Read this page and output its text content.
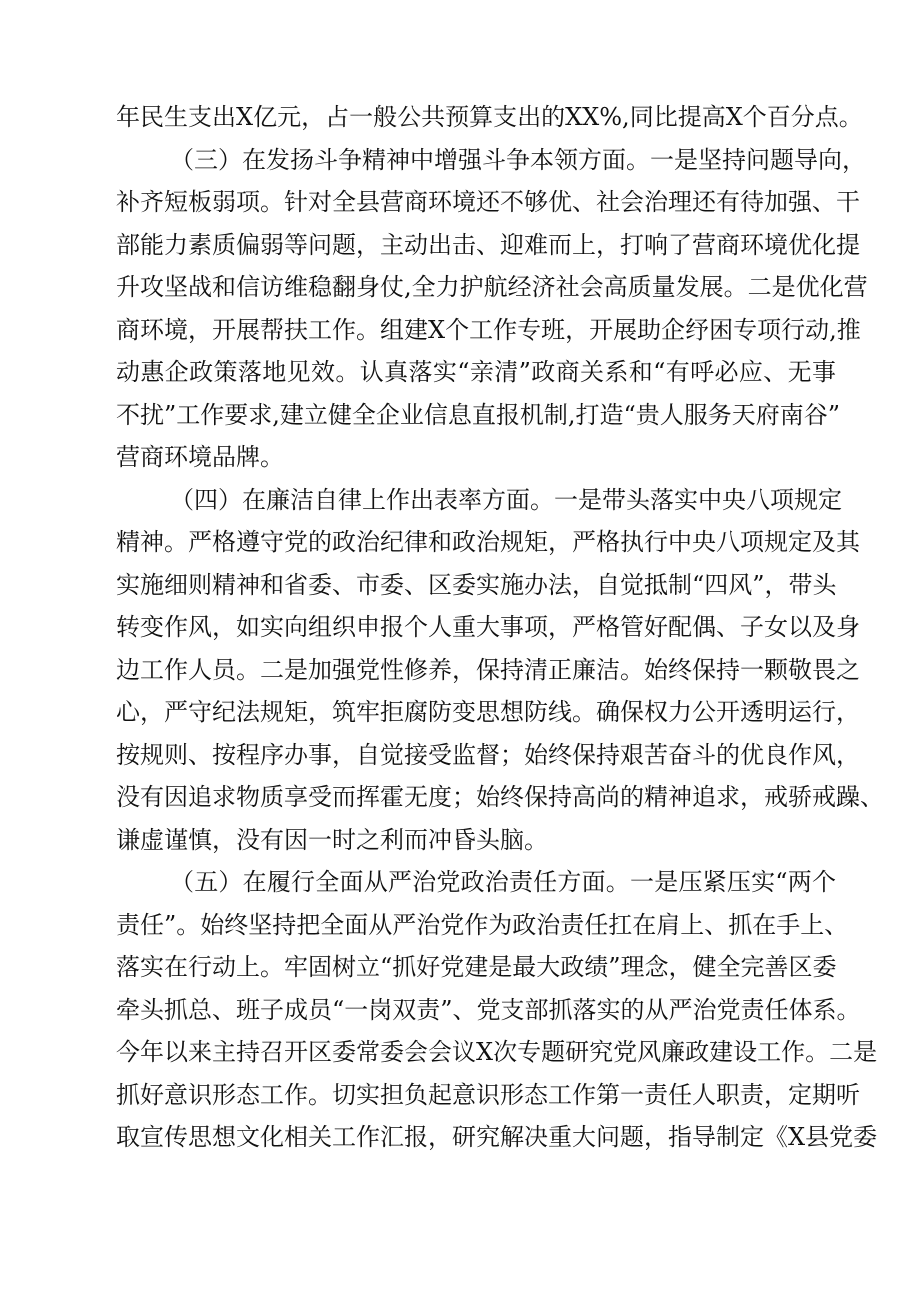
年民生支出X亿元，占一般公共预算支出的XX%,同比提高X个百分点。
（三）在发扬斗争精神中增强斗争本领方面。一是坚持问题导向，
补齐短板弱项。针对全县营商环境还不够优、社会治理还有待加强、干
部能力素质偏弱等问题，主动出击、迎难而上，打响了营商环境优化提
升攻坚战和信访维稳翻身仗,全力护航经济社会高质量发展。二是优化营
商环境，开展帮扶工作。组建X个工作专班，开展助企纾困专项行动,推
动惠企政策落地见效。认真落实“亲清”政商关系和“有呼必应、无事
不扰”工作要求,建立健全企业信息直报机制,打造“贵人服务天府南谷”
营商环境品牌。
（四）在廉洁自律上作出表率方面。一是带头落实中央八项规定
精神。严格遵守党的政治纪律和政治规矩，严格执行中央八项规定及其
实施细则精神和省委、市委、区委实施办法，自觉抵制“四风”，带头
转变作风，如实向组织申报个人重大事项，严格管好配偶、子女以及身
边工作人员。二是加强党性修养，保持清正廉洁。始终保持一颗敬畏之
心，严守纪法规矩，筑牢拒腐防变思想防线。确保权力公开透明运行，
按规则、按程序办事，自觉接受监督；始终保持艰苦奋斗的优良作风，
没有因追求物质享受而挥霍无度；始终保持高尚的精神追求，戒骄戒躁、
谦虚谨慎，没有因一时之利而冲昏头脑。
（五）在履行全面从严治党政治责任方面。一是压紧压实“两个
责任”。始终坚持把全面从严治党作为政治责任扛在肩上、抓在手上、
落实在行动上。牢固树立“抓好党建是最大政绩”理念，健全完善区委
牵头抓总、班子成员“一岗双责”、党支部抓落实的从严治党责任体系。
今年以来主持召开区委常委会会议X次专题研究党风廉政建设工作。二是
抓好意识形态工作。切实担负起意识形态工作第一责任人职责，定期听
取宣传思想文化相关工作汇报，研究解决重大问题，指导制定《X县党委
